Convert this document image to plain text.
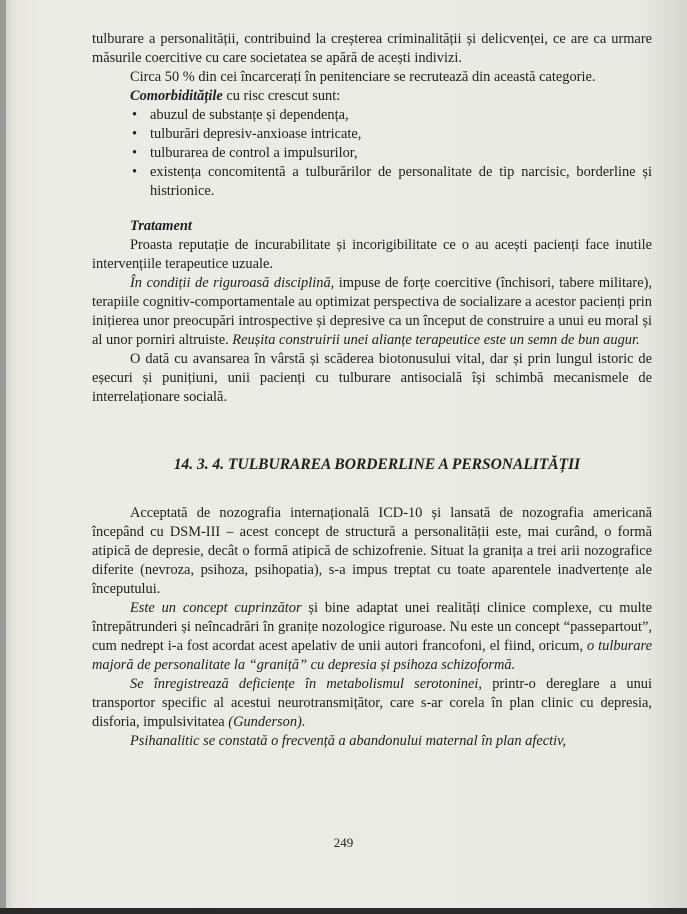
tulburare a personalității, contribuind la creșterea criminalității și delicvenței, ce are ca urmare măsurile coercitive cu care societatea se apără de acești indivizi.

Circa 50 % din cei încarcerați în penitenciare se recrutează din această categorie.

Comorbiditățile cu risc crescut sunt:

• abuzul de substanțe și dependența,
• tulburări depresiv-anxioase intricate,
• tulburarea de control a impulsurilor,
• existența concomitentă a tulburărilor de personalitate de tip narcisic, borderline și histrionice.

Tratament

Proasta reputație de incurabilitate și incorigibilitate ce o au acești pacienți face inutile intervențiile terapeutice uzuale.

În condiții de riguroasă disciplină, impuse de forțe coercitive (închisori, tabere militare), terapiile cognitiv-comportamentale au optimizat perspectiva de socializare a acestor pacienți prin inițierea unor preocupări introspective și depresive ca un început de construire a unui eu moral și al unor porniri altruiste. Reușita construirii unei alianțe terapeutice este un semn de bun augur.

O dată cu avansarea în vârstă și scăderea biotonusului vital, dar și prin lungul istoric de eșecuri și punițiuni, unii pacienți cu tulburare antisocială își schimbă mecanismele de interrelaționare socială.

14. 3. 4. TULBURAREA BORDERLINE A PERSONALITĂȚII

Acceptată de nozografia internațională ICD-10 și lansată de nozografia americană începând cu DSM-III – acest concept de structură a personalității este, mai curând, o formă atipică de depresie, decât o formă atipică de schizofrenie. Situat la granița a trei arii nozografice diferite (nevroza, psihoza, psihopatia), s-a impus treptat cu toate aparentele inadvertențe ale începutului.

Este un concept cuprinzător și bine adaptat unei realități clinice complexe, cu multe întrepătrunderi și neîncadrări în granițe nozologice riguroase. Nu este un concept “passepartout”, cum nedrept i-a fost acordat acest apelativ de unii autori francofoni, el fiind, oricum, o tulburare majoră de personalitate la “graniță” cu depresia și psihoza schizoformă.

Se înregistrează deficiențe în metabolismul serotoninei, printr-o dereglare a unui transportor specific al acestui neurotransmițător, care s-ar corela în plan clinic cu depresia, disforia, impulsivitatea (Gunderson).

Psihanalitic se constată o frecvență a abandonului maternal în plan afectiv,

249
